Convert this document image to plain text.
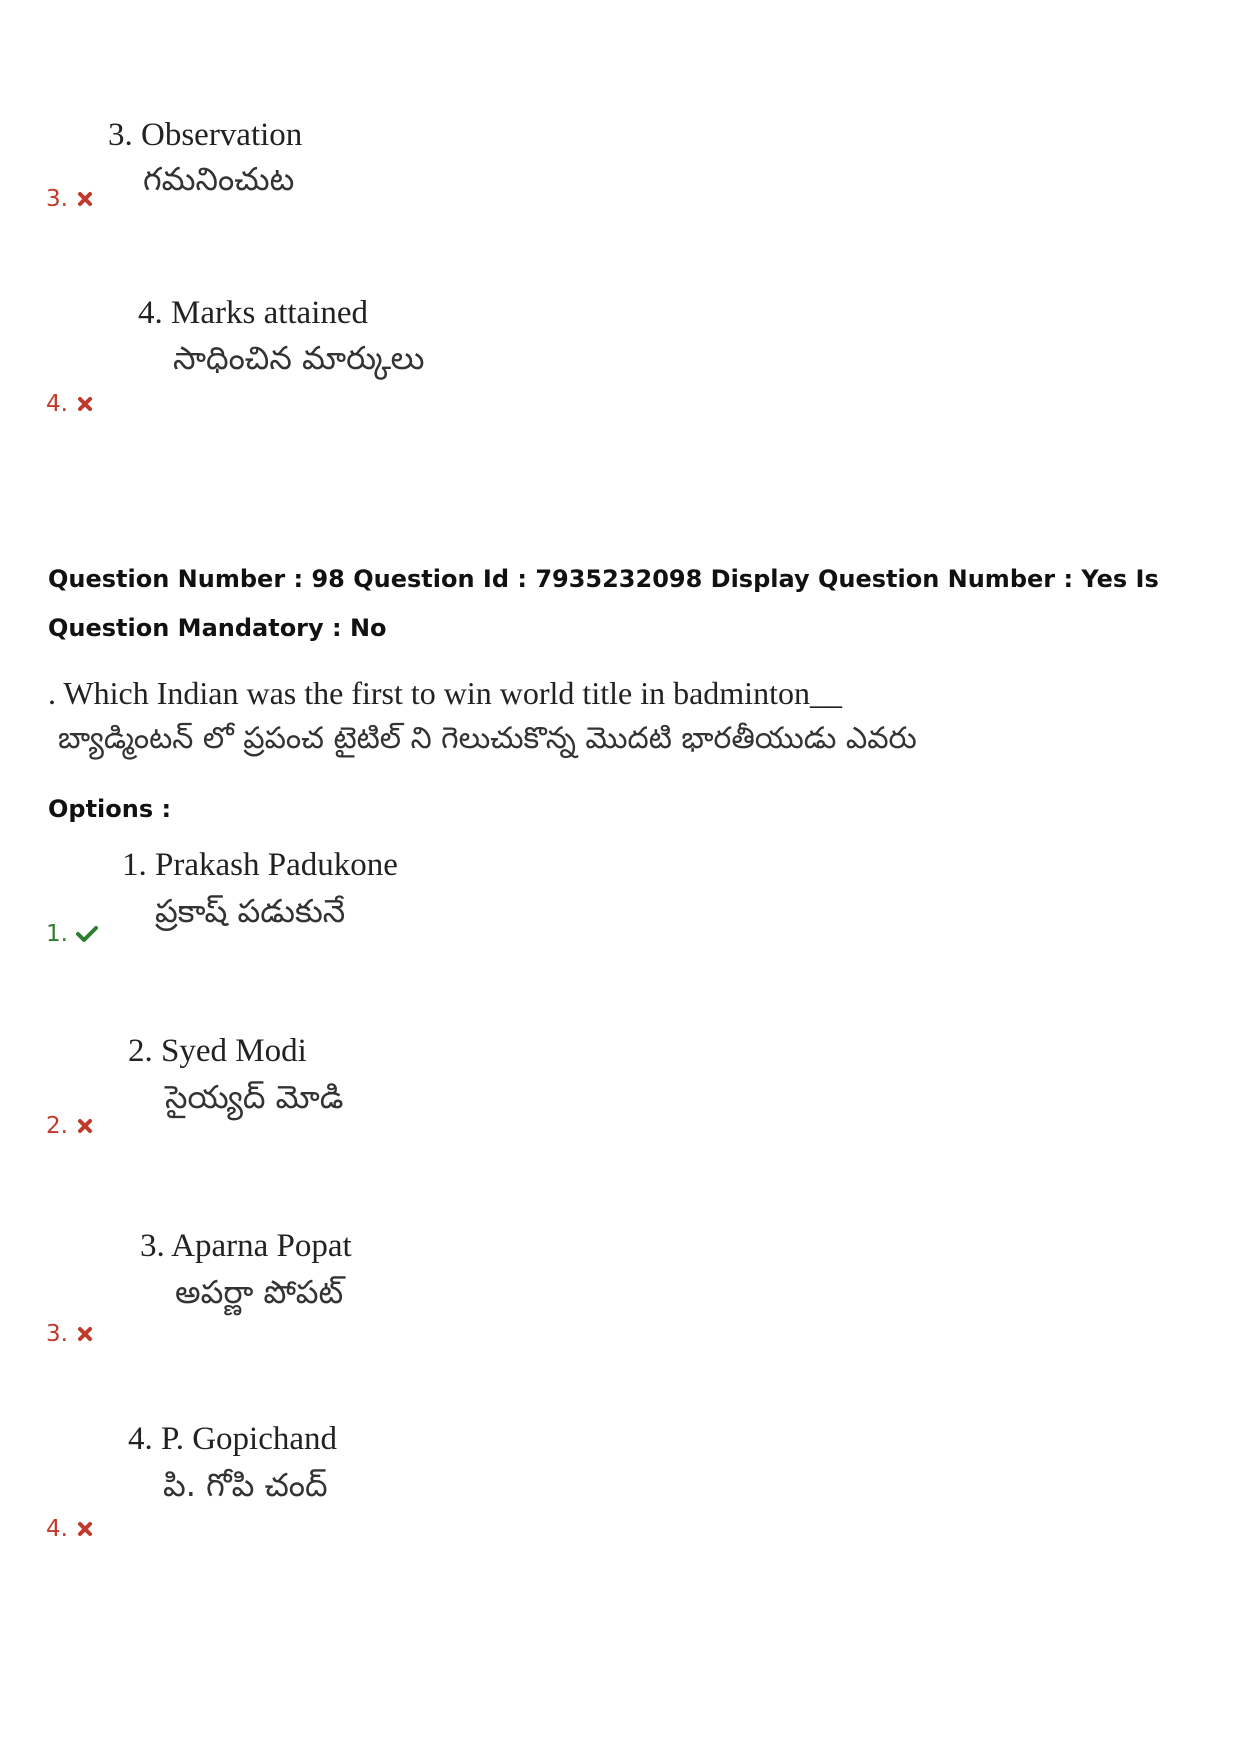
3. Observation
గమనించుట
3.
4. Marks attained
సాధించిన మార్కులు
4.
Question Number : 98 Question Id : 7935232098 Display Question Number : Yes Is Question Mandatory : No
. Which Indian was the first to win world title in badminton__
బ్యాడ్మింటన్ లో ప్రపంచ టైటిల్ ని గెలుచుకొన్న మొదటి భారతీయుడు ఎవరు
Options :
1. Prakash Padukone
ప్రకాష్ పడుకునే
1.
2. Syed Modi
సైయ్యద్ మోడి
2.
3. Aparna Popat
అపర్ణా పోపట్
3.
4. P. Gopichand
పి. గోపి చంద్
4.
